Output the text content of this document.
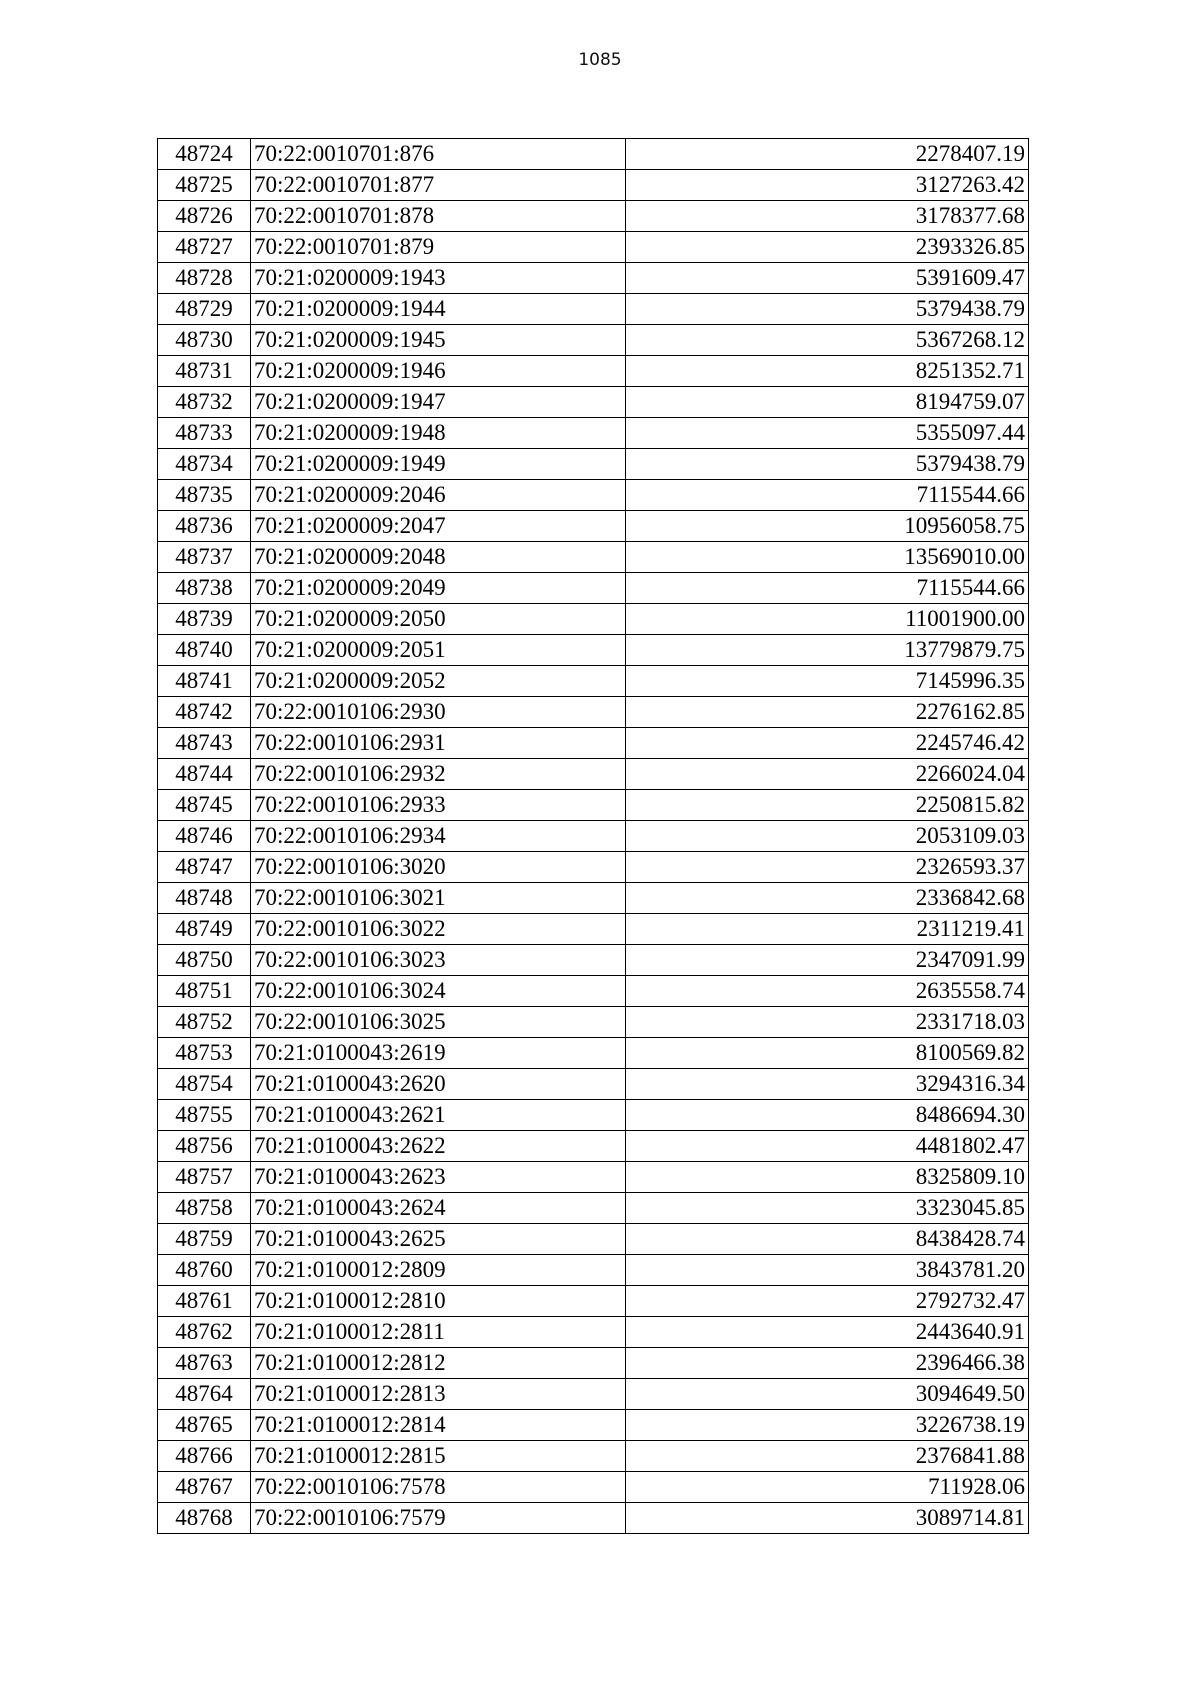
1085
48724	70:22:0010701:876	2278407.19
48725	70:22:0010701:877	3127263.42
48726	70:22:0010701:878	3178377.68
48727	70:22:0010701:879	2393326.85
48728	70:21:0200009:1943	5391609.47
48729	70:21:0200009:1944	5379438.79
48730	70:21:0200009:1945	5367268.12
48731	70:21:0200009:1946	8251352.71
48732	70:21:0200009:1947	8194759.07
48733	70:21:0200009:1948	5355097.44
48734	70:21:0200009:1949	5379438.79
48735	70:21:0200009:2046	7115544.66
48736	70:21:0200009:2047	10956058.75
48737	70:21:0200009:2048	13569010.00
48738	70:21:0200009:2049	7115544.66
48739	70:21:0200009:2050	11001900.00
48740	70:21:0200009:2051	13779879.75
48741	70:21:0200009:2052	7145996.35
48742	70:22:0010106:2930	2276162.85
48743	70:22:0010106:2931	2245746.42
48744	70:22:0010106:2932	2266024.04
48745	70:22:0010106:2933	2250815.82
48746	70:22:0010106:2934	2053109.03
48747	70:22:0010106:3020	2326593.37
48748	70:22:0010106:3021	2336842.68
48749	70:22:0010106:3022	2311219.41
48750	70:22:0010106:3023	2347091.99
48751	70:22:0010106:3024	2635558.74
48752	70:22:0010106:3025	2331718.03
48753	70:21:0100043:2619	8100569.82
48754	70:21:0100043:2620	3294316.34
48755	70:21:0100043:2621	8486694.30
48756	70:21:0100043:2622	4481802.47
48757	70:21:0100043:2623	8325809.10
48758	70:21:0100043:2624	3323045.85
48759	70:21:0100043:2625	8438428.74
48760	70:21:0100012:2809	3843781.20
48761	70:21:0100012:2810	2792732.47
48762	70:21:0100012:2811	2443640.91
48763	70:21:0100012:2812	2396466.38
48764	70:21:0100012:2813	3094649.50
48765	70:21:0100012:2814	3226738.19
48766	70:21:0100012:2815	2376841.88
48767	70:22:0010106:7578	711928.06
48768	70:22:0010106:7579	3089714.81
